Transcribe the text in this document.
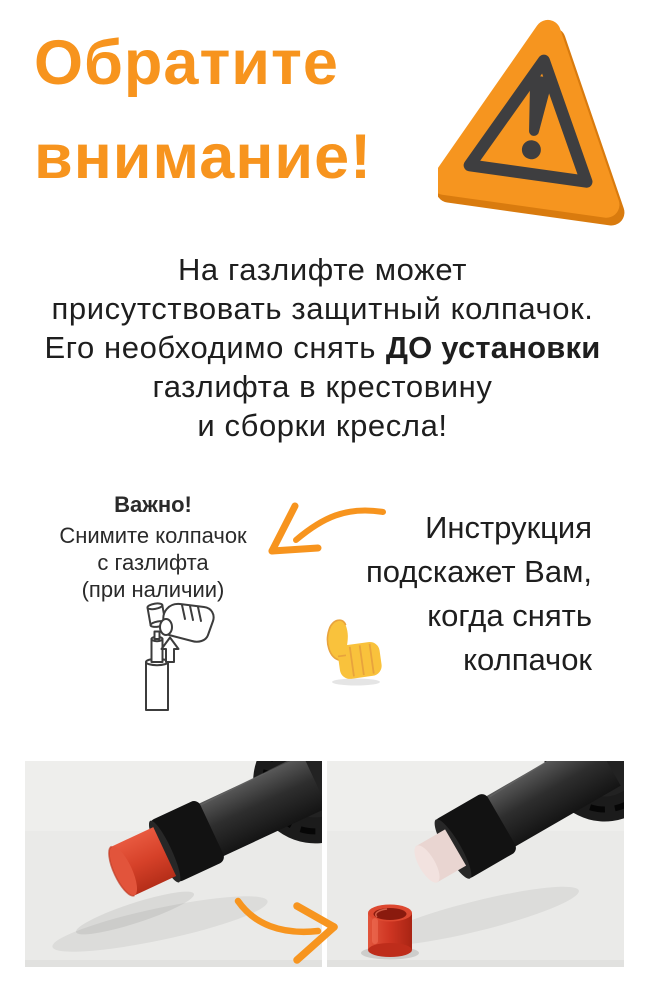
Обратите
внимание!
На газлифте может
присутствовать защитный колпачок.
Его необходимо снять ДО установки
газлифта в крестовину
и сборки кресла!
Важно!
Снимите колпачок
с газлифта
(при наличии)
Инструкция
подскажет Вам,
когда снять
колпачок
